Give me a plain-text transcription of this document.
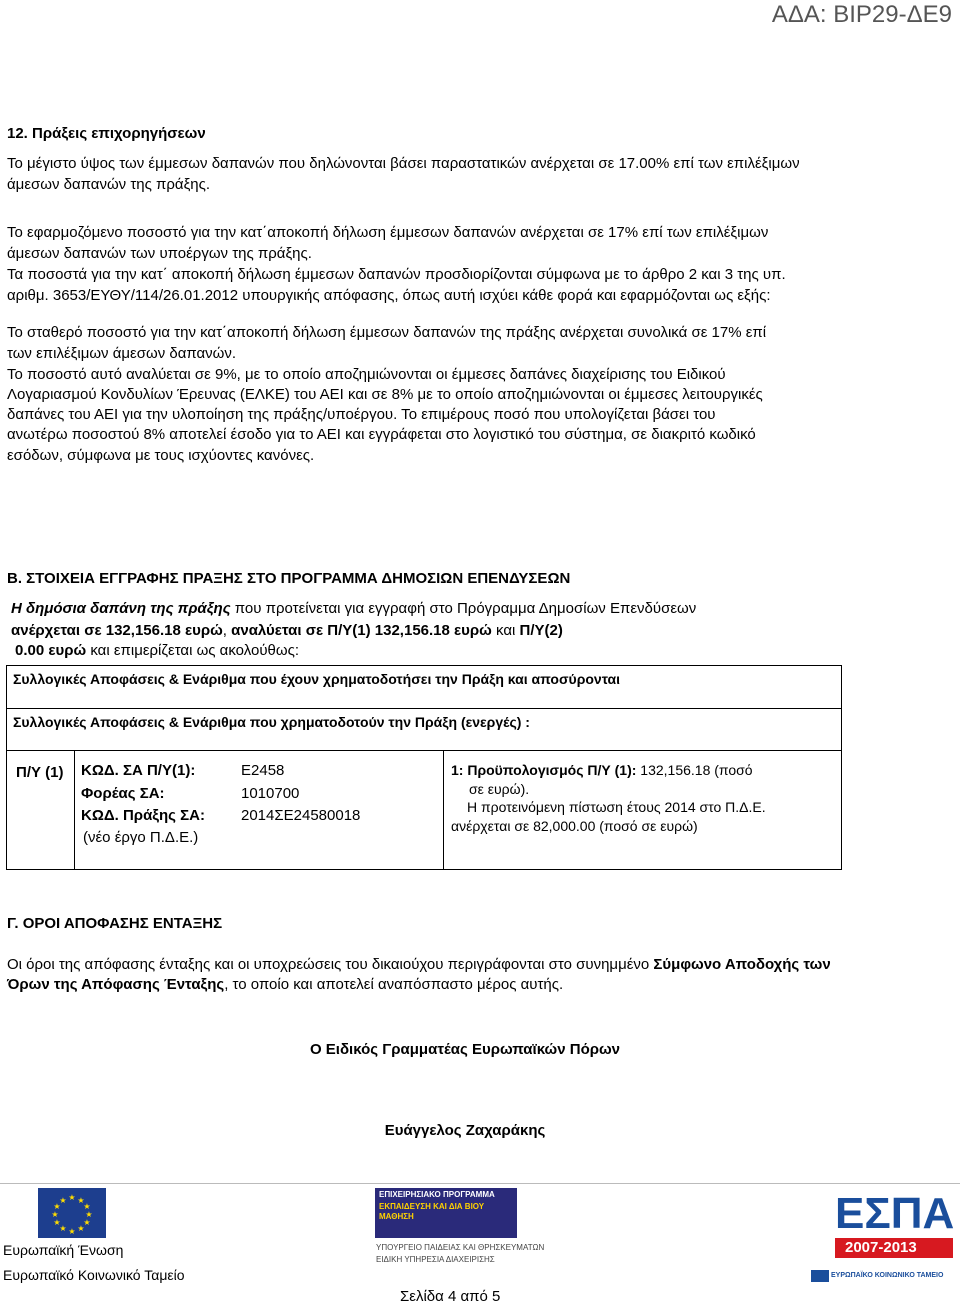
ΑΔΑ: ΒΙΡ29-ΔΕ9
12. Πράξεις επιχορηγήσεων
Το μέγιστο ύψος των έμμεσων δαπανών που δηλώνονται βάσει παραστατικών ανέρχεται σε 17.00% επί των επιλέξιμων
άμεσων δαπανών της πράξης.
Το εφαρμοζόμενο ποσοστό για την κατ΄αποκοπή δήλωση έμμεσων δαπανών ανέρχεται σε 17% επί των επιλέξιμων
άμεσων δαπανών των υποέργων της πράξης.
Τα ποσοστά για την κατ΄ αποκοπή δήλωση έμμεσων δαπανών προσδιορίζονται σύμφωνα με το άρθρο 2 και 3 της υπ.
αριθμ. 3653/ΕΥΘΥ/114/26.01.2012 υπουργικής απόφασης, όπως αυτή ισχύει κάθε φορά και εφαρμόζονται ως εξής:
Το σταθερό ποσοστό για την κατ΄αποκοπή δήλωση έμμεσων δαπανών της πράξης ανέρχεται συνολικά σε 17% επί
των επιλέξιμων άμεσων δαπανών.
Το ποσοστό αυτό αναλύεται σε 9%, με το οποίο αποζημιώνονται οι έμμεσες δαπάνες διαχείρισης του Ειδικού
Λογαριασμού Κονδυλίων Έρευνας (ΕΛΚΕ) του ΑΕΙ και σε 8% με το οποίο αποζημιώνονται οι έμμεσες λειτουργικές
δαπάνες του ΑΕΙ για την υλοποίηση της πράξης/υποέργου. Το επιμέρους ποσό που υπολογίζεται βάσει του
ανωτέρω ποσοστού 8% αποτελεί έσοδο για το ΑΕΙ και εγγράφεται στο λογιστικό του σύστημα, σε διακριτό κωδικό
εσόδων, σύμφωνα με τους ισχύοντες κανόνες.
Β. ΣΤΟΙΧΕΙΑ ΕΓΓΡΑΦΗΣ ΠΡΑΞΗΣ ΣΤΟ ΠΡΟΓΡΑΜΜΑ ΔΗΜΟΣΙΩΝ ΕΠΕΝΔΥΣΕΩΝ
Η δημόσια δαπάνη της πράξης που προτείνεται για εγγραφή στο Πρόγραμμα Δημοσίων Επενδύσεων
ανέρχεται σε 132,156.18 ευρώ, αναλύεται σε Π/Υ(1) 132,156.18 ευρώ και Π/Υ(2)
0.00 ευρώ και επιμερίζεται ως ακολούθως:
Συλλογικές Αποφάσεις & Ενάριθμα που έχουν χρηματοδοτήσει την Πράξη και αποσύρονται
Συλλογικές Αποφάσεις & Ενάριθμα που χρηματοδοτούν την Πράξη (ενεργές) :
Π/Υ (1) ΚΩΔ. ΣΑ Π/Υ(1):	Ε2458
Φορέας ΣΑ:	1010700
ΚΩΔ. Πράξης ΣΑ: 2014ΣΕ24580018
(νέο έργο Π.Δ.Ε.)
1: Προϋπολογισμός Π/Υ (1): 132,156.18 (ποσό
σε ευρώ).
Η προτεινόμενη πίστωση έτους 2014 στο Π.Δ.Ε.
ανέρχεται σε 82,000.00 (ποσό σε ευρώ)
Γ. ΟΡΟΙ ΑΠΟΦΑΣΗΣ ΕΝΤΑΞΗΣ
Οι όροι της απόφασης ένταξης και οι υποχρεώσεις του δικαιούχου περιγράφονται στο συνημμένο Σύμφωνο Αποδοχής των
Όρων της Απόφασης Ένταξης, το οποίο και αποτελεί αναπόσπαστο μέρος αυτής.
Ο Ειδικός Γραμματέας Ευρωπαϊκών Πόρων
Ευάγγελος Ζαχαράκης
★ ★
★
★
★
★
★
★
★
★
★
★
Ευρωπαϊκή Ένωση
Ευρωπαϊκό Κοινωνικό Ταμείο
ΕΠΙΧΕΙΡΗΣΙΑΚΟ ΠΡΟΓΡΑΜΜΑ
ΕΚΠΑΙΔΕΥΣΗ ΚΑΙ ΔΙΑ ΒΙΟΥ ΜΑΘΗΣΗ
ΥΠΟΥΡΓΕΙΟ ΠΑΙΔΕΙΑΣ ΚΑΙ ΘΡΗΣΚΕΥΜΑΤΩΝ
ΕΙΔΙΚΗ ΥΠΗΡΕΣΙΑ ΔΙΑΧΕΙΡΙΣΗΣ
Σελίδα 4 από 5
ΕΣΠΑ
2007-2013
ΕΥΡΩΠΑΪΚΟ ΚΟΙΝΩΝΙΚΟ ΤΑΜΕΙΟ
